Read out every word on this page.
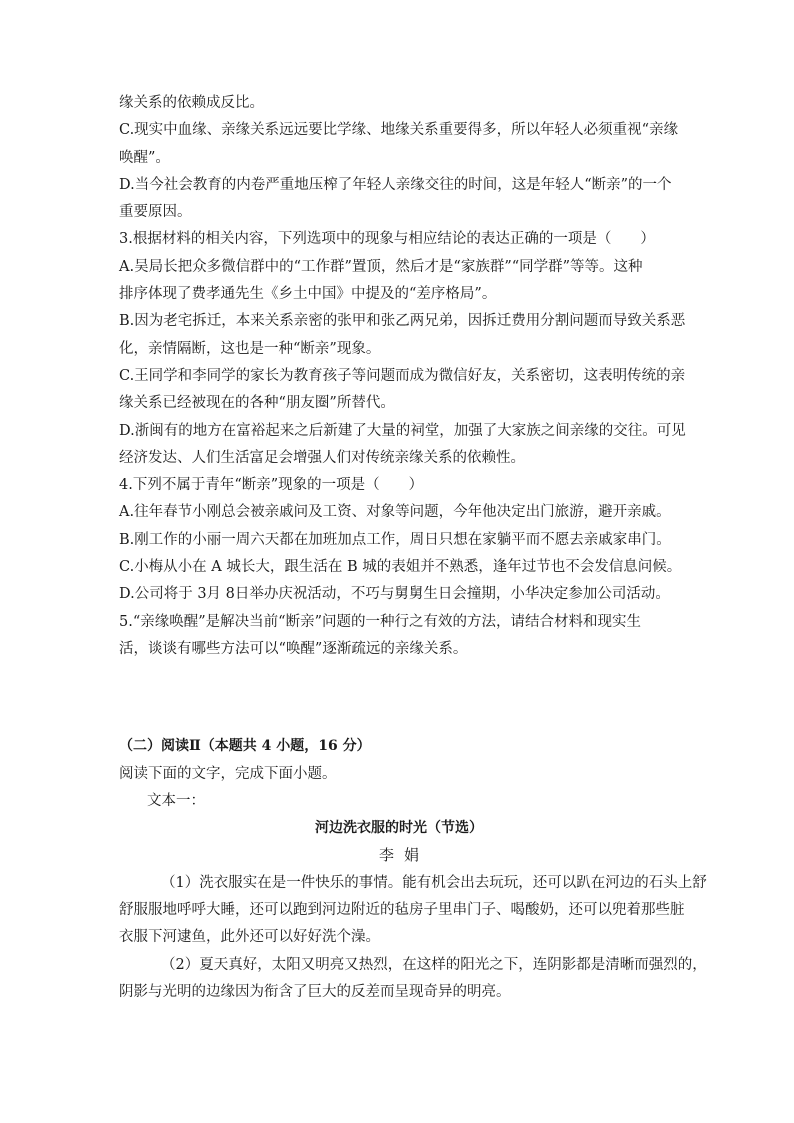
缘关系的依赖成反比。
C.现实中血缘、亲缘关系远远要比学缘、地缘关系重要得多，所以年轻人必须重视“亲缘
唤醒”。
D.当今社会教育的内卷严重地压榨了年轻人亲缘交往的时间，这是年轻人“断亲”的一个
重要原因。
3.根据材料的相关内容，下列选项中的现象与相应结论的表达正确的一项是（　　）
A.吴局长把众多微信群中的“工作群”置顶，然后才是“家族群”“同学群”等等。这种
排序体现了费孝通先生《乡土中国》中提及的“差序格局”。
B.因为老宅拆迁，本来关系亲密的张甲和张乙两兄弟，因拆迁费用分割问题而导致关系恶
化，亲情隔断，这也是一种“断亲”现象。
C.王同学和李同学的家长为教育孩子等问题而成为微信好友，关系密切，这表明传统的亲
缘关系已经被现在的各种“朋友圈”所替代。
D.浙闽有的地方在富裕起来之后新建了大量的祠堂，加强了大家族之间亲缘的交往。可见
经济发达、人们生活富足会增强人们对传统亲缘关系的依赖性。
4.下列不属于青年“断亲”现象的一项是（　　）
A.往年春节小刚总会被亲戚问及工资、对象等问题，今年他决定出门旅游，避开亲戚。
B.刚工作的小丽一周六天都在加班加点工作，周日只想在家躺平而不愿去亲戚家串门。
C.小梅从小在 A 城长大，跟生活在 B 城的表姐并不熟悉，逢年过节也不会发信息问候。
D.公司将于 3月 8日举办庆祝活动，不巧与舅舅生日会撞期，小华决定参加公司活动。
5.“亲缘唤醒”是解决当前“断亲”问题的一种行之有效的方法，请结合材料和现实生
活，谈谈有哪些方法可以“唤醒”逐渐疏远的亲缘关系。
（二）阅读Ⅱ（本题共 4 小题，16 分）
阅读下面的文字，完成下面小题。
文本一：
河边洗衣服的时光（节选）
李娟
（1）洗衣服实在是一件快乐的事情。能有机会出去玩玩，还可以趴在河边的石头上舒
舒服服地呼呼大睡，还可以跑到河边附近的毡房子里串门子、喝酸奶，还可以兜着那些脏
衣服下河逮鱼，此外还可以好好洗个澡。
（2）夏天真好，太阳又明亮又热烈，在这样的阳光之下，连阴影都是清晰而强烈的，
阴影与光明的边缘因为衔含了巨大的反差而呈现奇异的明亮。
